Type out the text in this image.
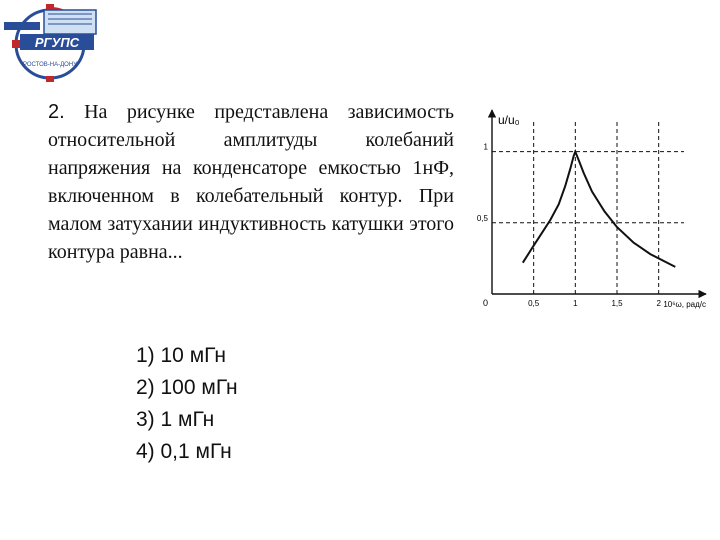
РГУПС
РОСТОВ-НА-ДОНУ
2. На рисунке представлена зависимость относительной амплитуды колебаний напряжения на конденсаторе емкостью 1нФ, включенном в колебательный контур. При малом затухании индуктивность катушки этого контура равна...
1) 10 мГн
2) 100 мГн
3) 1 мГн
4) 0,1 мГн
0,5	1	1,5	2
0,5
1
0
u/u₀
10⁶ω, рад/с
